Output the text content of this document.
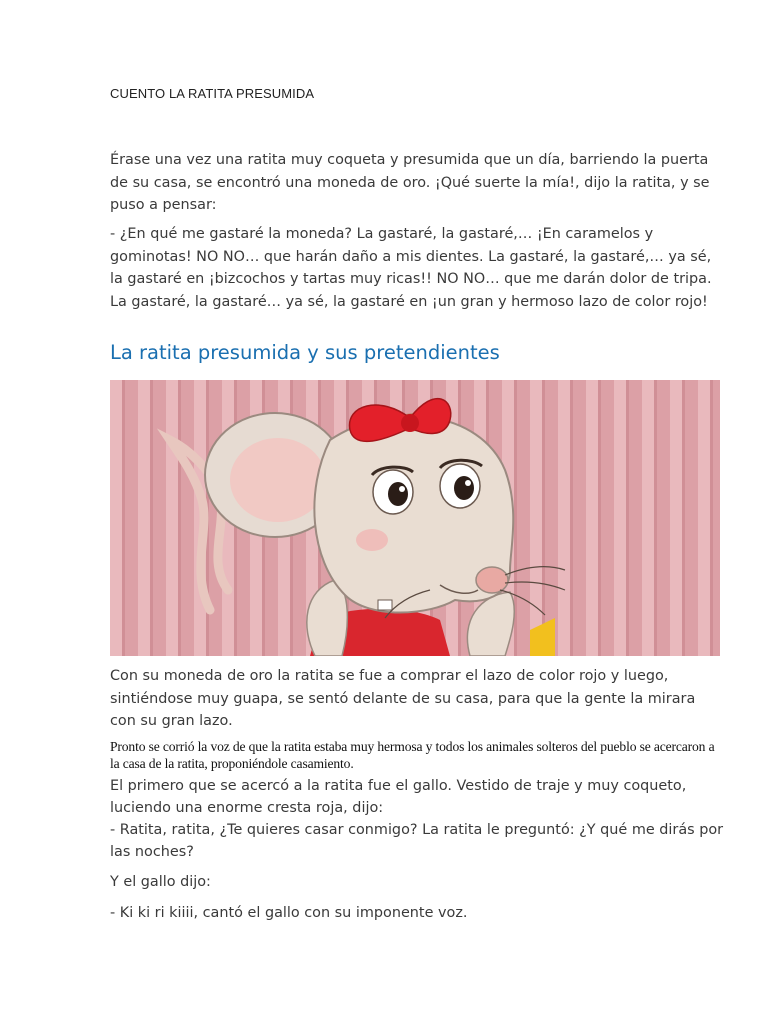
CUENTO LA RATITA PRESUMIDA

Érase una vez una ratita muy coqueta y presumida que un día, barriendo la puerta de su casa, se encontró una moneda de oro. ¡Qué suerte la mía!, dijo la ratita, y se puso a pensar:

- ¿En qué me gastaré la moneda? La gastaré, la gastaré,… ¡En caramelos y gominotas! NO NO… que harán daño a mis dientes. La gastaré, la gastaré,… ya sé, la gastaré en ¡bizcochos y tartas muy ricas!! NO NO… que me darán dolor de tripa. La gastaré, la gastaré… ya sé, la gastaré en ¡un gran y hermoso lazo de color rojo!

La ratita presumida y sus pretendientes

Con su moneda de oro la ratita se fue a comprar el lazo de color rojo y luego, sintiéndose muy guapa, se sentó delante de su casa, para que la gente la mirara con su gran lazo.

Pronto se corrió la voz de que la ratita estaba muy hermosa y todos los animales solteros del pueblo se acercaron a la casa de la ratita, proponiéndole casamiento.

El primero que se acercó a la ratita fue el gallo. Vestido de traje y muy coqueto, luciendo una enorme cresta roja, dijo:
- Ratita, ratita, ¿Te quieres casar conmigo? La ratita le preguntó: ¿Y qué me dirás por las noches?

Y el gallo dijo:

- Ki ki ri kiiii, cantó el gallo con su imponente voz.
